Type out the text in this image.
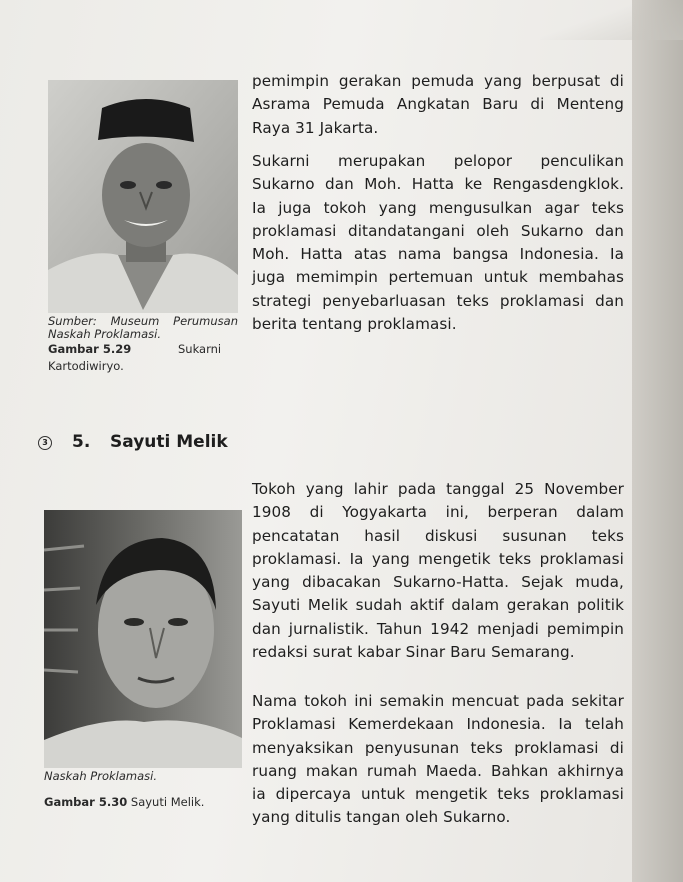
Sumber: Museum Perumusan
Naskah Proklamasi.
Gambar 5.29	Sukarni
Kartodiwiryo.
pemimpin gerakan pemuda yang berpusat di
Asrama Pemuda Angkatan Baru di Menteng
Raya 31 Jakarta.
Sukarni merupakan pelopor penculikan
Sukarno dan Moh. Hatta ke Rengasdengklok.
Ia juga tokoh yang mengusulkan agar teks
proklamasi ditandatangani oleh Sukarno dan
Moh. Hatta atas nama bangsa Indonesia. Ia
juga memimpin pertemuan untuk membahas
strategi penyebarluasan teks proklamasi dan
berita tentang proklamasi.
3	5. Sayuti Melik
Naskah Proklamasi.
Gambar 5.30 Sayuti Melik.
Tokoh yang lahir pada tanggal 25 November
1908 di Yogyakarta ini, berperan dalam
pencatatan hasil diskusi susunan teks
proklamasi. Ia yang mengetik teks proklamasi
yang dibacakan Sukarno-Hatta. Sejak muda,
Sayuti Melik sudah aktif dalam gerakan politik
dan jurnalistik. Tahun 1942 menjadi pemimpin
redaksi surat kabar Sinar Baru Semarang.
Nama tokoh ini semakin mencuat pada sekitar
Proklamasi Kemerdekaan Indonesia. Ia telah
menyaksikan penyusunan teks proklamasi di
ruang makan rumah Maeda. Bahkan akhirnya
ia dipercaya untuk mengetik teks proklamasi
yang ditulis tangan oleh Sukarno.
